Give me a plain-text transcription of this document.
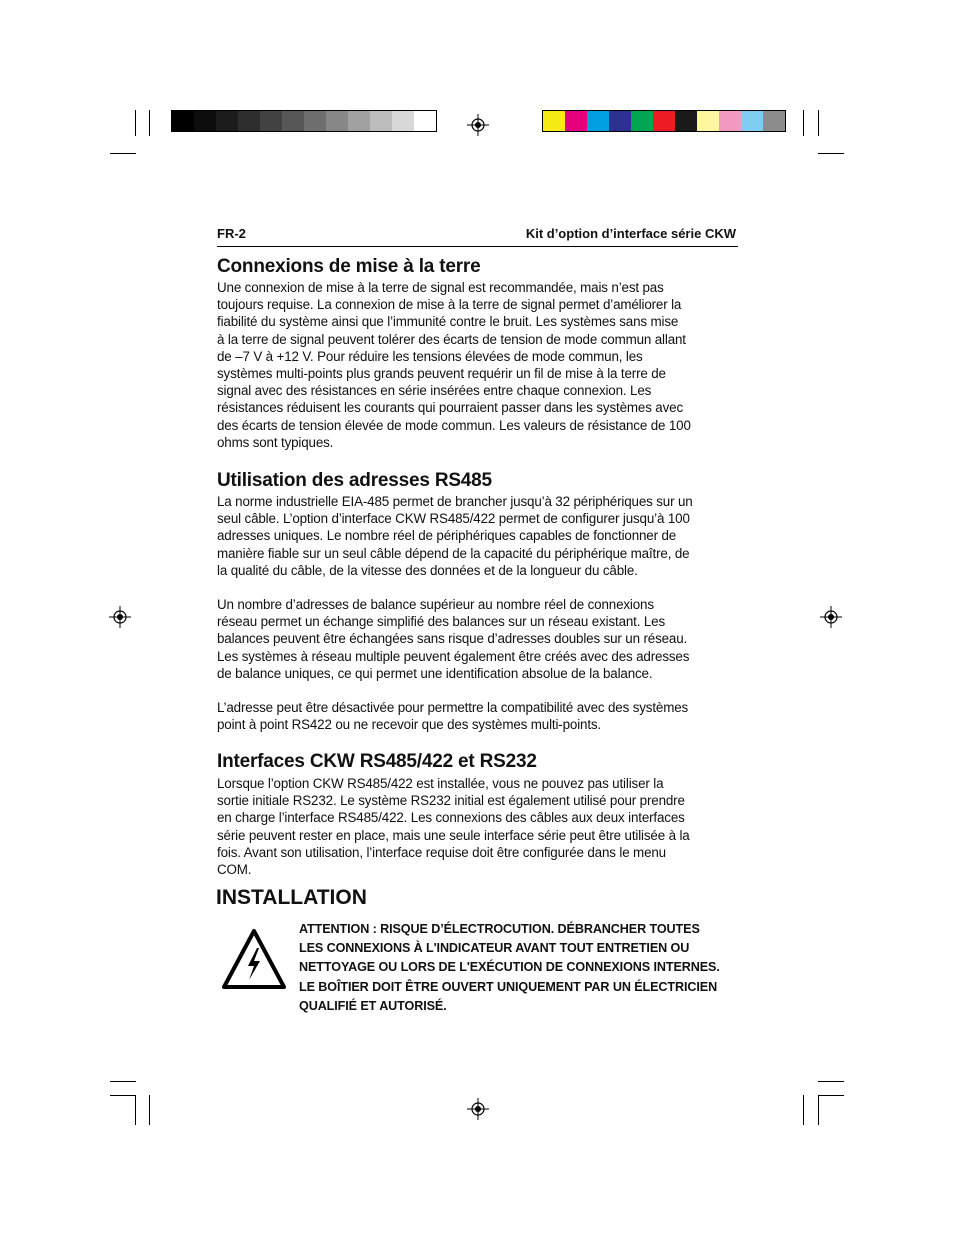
FR-2	Kit d’option d’interface série CKW
Connexions de mise à la terre

Une connexion de mise à la terre de signal est recommandée, mais n’est pas
toujours requise. La connexion de mise à la terre de signal permet d’améliorer la
fiabilité du système ainsi que l’immunité contre le bruit. Les systèmes sans mise
à la terre de signal peuvent tolérer des écarts de tension de mode commun allant
de –7 V à +12 V. Pour réduire les tensions élevées de mode commun, les
systèmes multi-points plus grands peuvent requérir un fil de mise à la terre de
signal avec des résistances en série insérées entre chaque connexion. Les
résistances réduisent les courants qui pourraient passer dans les systèmes avec
des écarts de tension élevée de mode commun. Les valeurs de résistance de 100
ohms sont typiques.

Utilisation des adresses RS485

La norme industrielle EIA-485 permet de brancher jusqu’à 32 périphériques sur un
seul câble. L’option d’interface CKW RS485/422 permet de configurer jusqu’à 100
adresses uniques. Le nombre réel de périphériques capables de fonctionner de
manière fiable sur un seul câble dépend de la capacité du périphérique maître, de
la qualité du câble, de la vitesse des données et de la longueur du câble.

Un nombre d’adresses de balance supérieur au nombre réel de connexions
réseau permet un échange simplifié des balances sur un réseau existant. Les
balances peuvent être échangées sans risque d’adresses doubles sur un réseau.
Les systèmes à réseau multiple peuvent également être créés avec des adresses
de balance uniques, ce qui permet une identification absolue de la balance.

L’adresse peut être désactivée pour permettre la compatibilité avec des systèmes
point à point RS422 ou ne recevoir que des systèmes multi-points.

Interfaces CKW RS485/422 et RS232

Lorsque l’option CKW RS485/422 est installée, vous ne pouvez pas utiliser la
sortie initiale RS232. Le système RS232 initial est également utilisé pour prendre
en charge l’interface RS485/422. Les connexions des câbles aux deux interfaces
série peuvent rester en place, mais une seule interface série peut être utilisée à la
fois. Avant son utilisation, l’interface requise doit être configurée dans le menu
COM.

INSTALLATION

ATTENTION : RISQUE D’ÉLECTROCUTION. DÉBRANCHER TOUTES
LES CONNEXIONS À L'INDICATEUR AVANT TOUT ENTRETIEN OU
NETTOYAGE OU LORS DE L'EXÉCUTION DE CONNEXIONS INTERNES.
LE BOÎTIER DOIT ÊTRE OUVERT UNIQUEMENT PAR UN ÉLECTRICIEN
QUALIFIÉ ET AUTORISÉ.
